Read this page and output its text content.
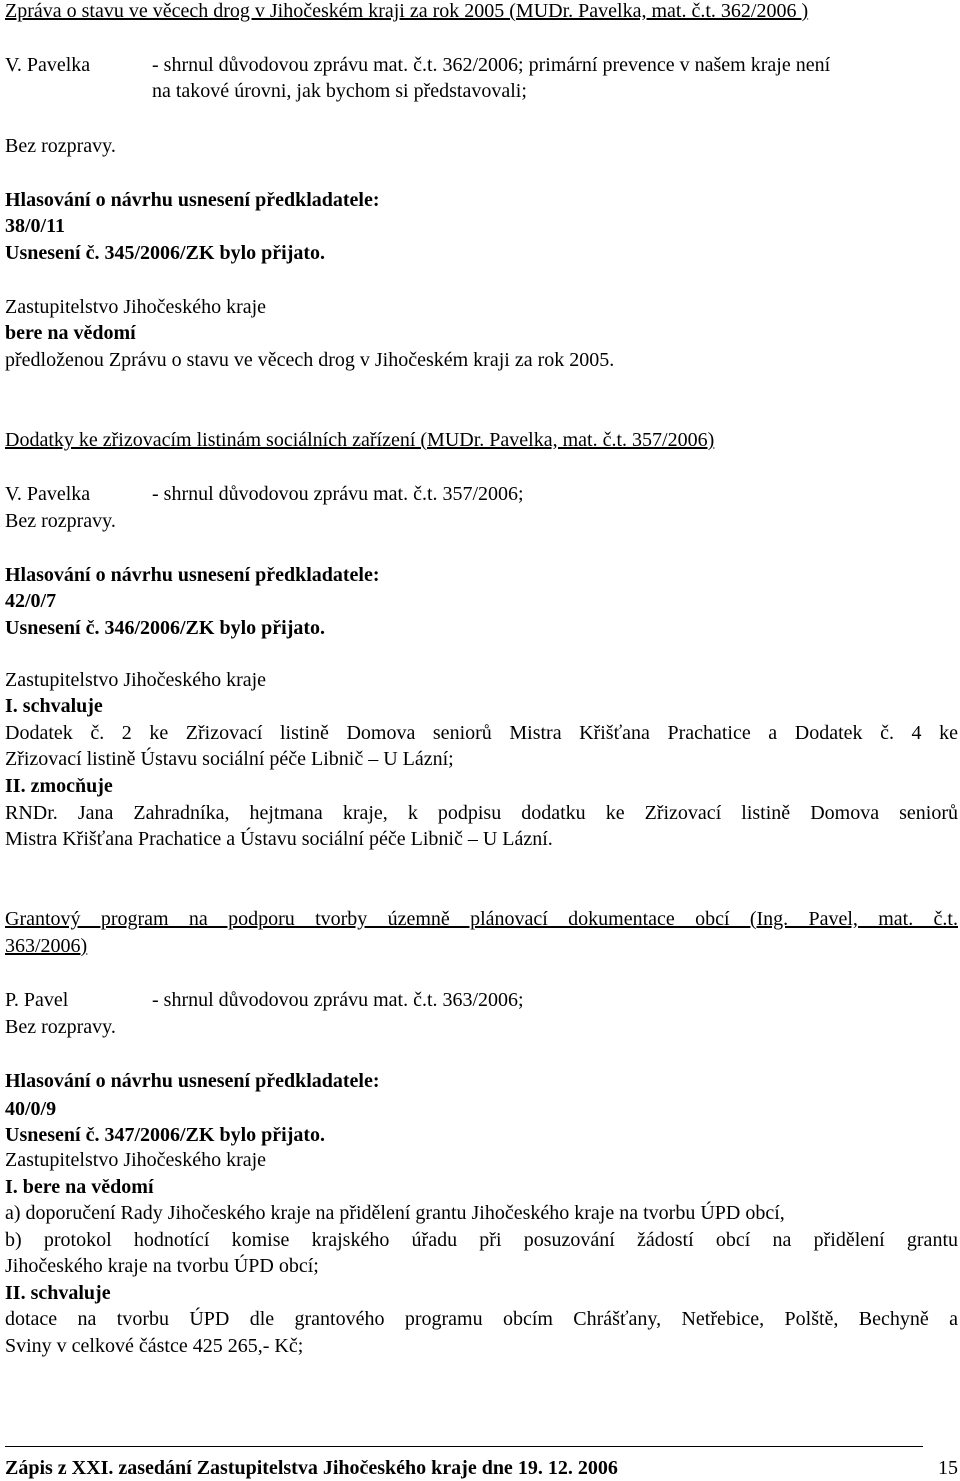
Zpráva o stavu ve věcech drog v Jihočeském kraji za rok 2005 (MUDr. Pavelka, mat. č.t. 362/2006 )
V. Pavelka	- shrnul důvodovou zprávu mat. č.t. 362/2006; primární prevence v našem kraje není
na takové úrovni, jak bychom si představovali;
Bez rozpravy.
Hlasování o návrhu usnesení předkladatele:
38/0/11
Usnesení č. 345/2006/ZK bylo přijato.
Zastupitelstvo Jihočeského kraje
bere na vědomí
předloženou Zprávu o stavu ve věcech drog v Jihočeském kraji za rok 2005.
Dodatky ke zřizovacím listinám sociálních zařízení (MUDr. Pavelka, mat. č.t. 357/2006)
V. Pavelka	- shrnul důvodovou zprávu mat. č.t. 357/2006;
Bez rozpravy.
Hlasování o návrhu usnesení předkladatele:
42/0/7
Usnesení č. 346/2006/ZK bylo přijato.
Zastupitelstvo Jihočeského kraje
I. schvaluje
Dodatek č. 2 ke Zřizovací listině Domova seniorů Mistra Křišťana Prachatice a Dodatek č. 4 ke
Zřizovací listině Ústavu sociální péče Libnič – U Lázní;
II. zmocňuje
RNDr. Jana Zahradníka, hejtmana kraje, k podpisu dodatku ke Zřizovací listině Domova seniorů
Mistra Křišťana Prachatice a Ústavu sociální péče Libnič – U Lázní.
Grantový program na podporu tvorby územně plánovací dokumentace obcí (Ing. Pavel, mat. č.t.
363/2006)
P. Pavel	- shrnul důvodovou zprávu mat. č.t. 363/2006;
Bez rozpravy.
Hlasování o návrhu usnesení předkladatele:
40/0/9
Usnesení č. 347/2006/ZK bylo přijato.
Zastupitelstvo Jihočeského kraje
I. bere na vědomí
a) doporučení Rady Jihočeského kraje na přidělení grantu Jihočeského kraje na tvorbu ÚPD obcí,
b) protokol hodnotící komise krajského úřadu při posuzování žádostí obcí na přidělení grantu
Jihočeského kraje na tvorbu ÚPD obcí;
II. schvaluje
dotace na tvorbu ÚPD dle grantového programu obcím Chrášťany, Netřebice, Polště, Bechyně a
Sviny v celkové částce 425 265,- Kč;
Zápis z XXI. zasedání Zastupitelstva Jihočeského kraje dne 19. 12. 2006	15
